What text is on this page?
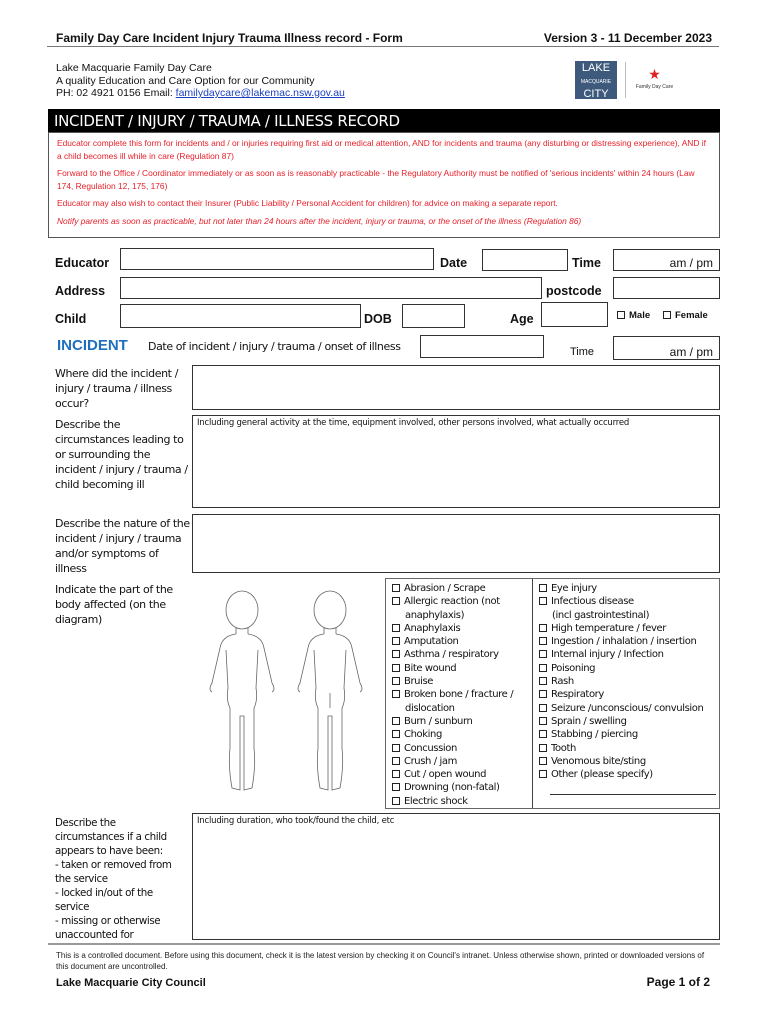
Family Day Care Incident Injury Trauma Illness record - Form	Version 3 - 11 December 2023
Lake Macquarie Family Day Care
A quality Education and Care Option for our Community
PH: 02 4921 0156 Email: familydaycare@lakemac.nsw.gov.au
LAKE
MACQUARIE
CITY
★
Family Day Care
INCIDENT / INJURY / TRAUMA / ILLNESS RECORD

Educator complete this form for incidents and / or injuries requiring first aid or medical attention, AND for incidents and trauma (any disturbing or distressing experience), AND if a child becomes ill while in care (Regulation 87)

Forward to the Office / Coordinator immediately or as soon as is reasonably practicable - the Regulatory Authority must be notified of 'serious incidents' within 24 hours (Law 174, Regulation 12, 175, 176)

Educator may also wish to contact their Insurer (Public Liability / Personal Accident for children) for advice on making a separate report.

Notify parents as soon as practicable, but not later than 24 hours after the incident, injury or trauma, or the onset of the illness (Regulation 86)

Educator	Date	Time	am / pm
Address	postcode
Child	DOB	Age	Male	Female
INCIDENT Date of incident / injury / trauma / onset of illness	Time	am / pm
Where did the incident / injury / trauma / illness occur?
Describe the circumstances leading to or surrounding the incident / injury / trauma / child becoming ill
Including general activity at the time, equipment involved, other persons involved, what actually occurred
Describe the nature of the incident / injury / trauma and/or symptoms of illness
Indicate the part of the body affected (on the diagram)
Abrasion / Scrape
Allergic reaction (not
anaphylaxis)
Anaphylaxis
Amputation
Asthma / respiratory
Bite wound
Bruise
Broken bone / fracture /
dislocation
Burn / sunburn
Choking
Concussion
Crush / jam
Cut / open wound
Drowning (non-fatal)
Electric shock
Eye injury
Infectious disease
(incl gastrointestinal)
High temperature / fever
Ingestion / inhalation / insertion
Internal injury / Infection
Poisoning
Rash
Respiratory
Seizure /unconscious/ convulsion
Sprain / swelling
Stabbing / piercing
Tooth
Venomous bite/sting
Other (please specify)
Describe the
circumstances if a child
appears to have been:
- taken or removed from
the service
- locked in/out of the
service
- missing or otherwise
unaccounted for
Including duration, who took/found the child, etc
This is a controlled document. Before using this document, check it is the latest version by checking it on Council's intranet. Unless otherwise shown, printed or downloaded versions of this document are uncontrolled.
Lake Macquarie City Council	Page 1 of 2
